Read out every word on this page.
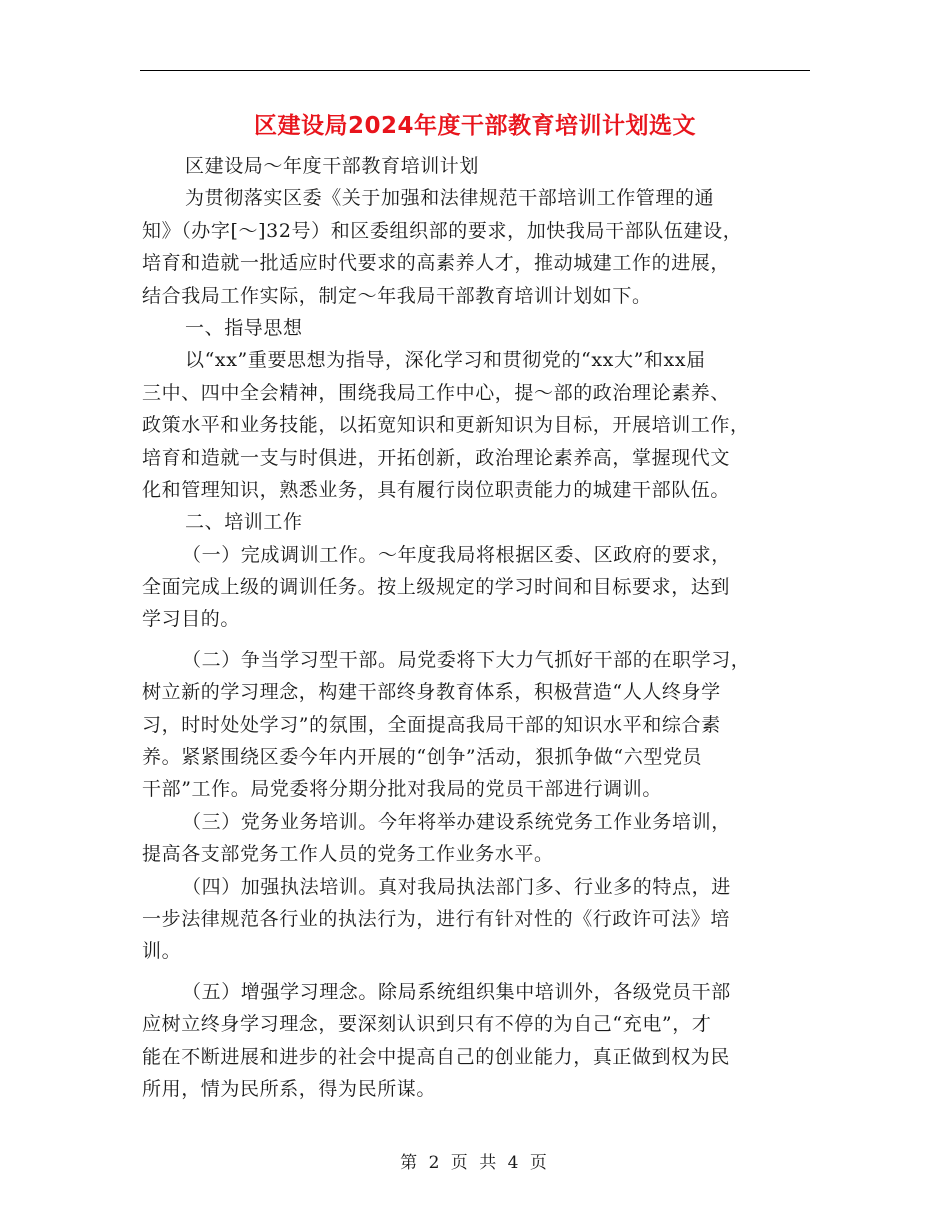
区建设局2024年度干部教育培训计划选文
区建设局～年度干部教育培训计划
为贯彻落实区委《关于加强和法律规范干部培训工作管理的通
知》（办字[～]32号）和区委组织部的要求，加快我局干部队伍建设，
培育和造就一批适应时代要求的高素养人才，推动城建工作的进展，
结合我局工作实际，制定～年我局干部教育培训计划如下。
一、指导思想
以“xx”重要思想为指导，深化学习和贯彻党的“xx大”和xx届
三中、四中全会精神，围绕我局工作中心，提～部的政治理论素养、
政策水平和业务技能，以拓宽知识和更新知识为目标，开展培训工作，
培育和造就一支与时俱进，开拓创新，政治理论素养高，掌握现代文
化和管理知识，熟悉业务，具有履行岗位职责能力的城建干部队伍。
二、培训工作
（一）完成调训工作。～年度我局将根据区委、区政府的要求，
全面完成上级的调训任务。按上级规定的学习时间和目标要求，达到
学习目的。
（二）争当学习型干部。局党委将下大力气抓好干部的在职学习，
树立新的学习理念，构建干部终身教育体系，积极营造“人人终身学
习，时时处处学习”的氛围，全面提高我局干部的知识水平和综合素
养。紧紧围绕区委今年内开展的“创争”活动，狠抓争做“六型党员
干部”工作。局党委将分期分批对我局的党员干部进行调训。
（三）党务业务培训。今年将举办建设系统党务工作业务培训，
提高各支部党务工作人员的党务工作业务水平。
（四）加强执法培训。真对我局执法部门多、行业多的特点，进
一步法律规范各行业的执法行为，进行有针对性的《行政许可法》培
训。
（五）增强学习理念。除局系统组织集中培训外，各级党员干部
应树立终身学习理念，要深刻认识到只有不停的为自己“充电”，才
能在不断进展和进步的社会中提高自己的创业能力，真正做到权为民
所用，情为民所系，得为民所谋。
第 2 页 共 4 页
